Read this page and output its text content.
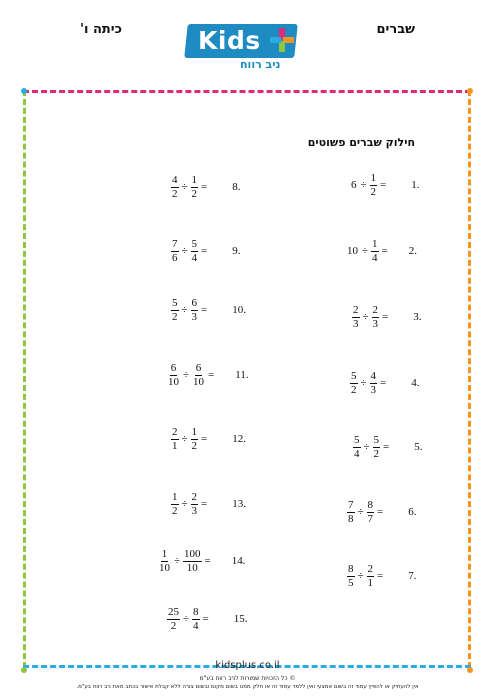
כיתה ו'	שברים
Kids
ניב רווח
חילוק שברים פשוטים
$6 \div \frac{1}{2} = 1$.
$10 \div \frac{1}{4} = 2$.
$\frac{2}{3} \div \frac{2}{3} = 3$.
$\frac{5}{2} \div \frac{4}{3} = 4$.
$\frac{5}{4} \div \frac{5}{2} = 5$.
$\frac{7}{8} \div \frac{8}{7} = 6$.
$\frac{8}{5} \div \frac{2}{1} = 7$.
$\frac{4}{2} \div \frac{1}{2} = 8$.
$\frac{7}{6} \div \frac{5}{4} = 9$.
$\frac{5}{2} \div \frac{6}{3} = 10$.
$\frac{6}{10} \div \frac{6}{10} = 11$.
$\frac{2}{1} \div \frac{1}{2} = 12$.
$\frac{1}{2} \div \frac{2}{3} = 13$.
$\frac{1}{10} \div \frac{100}{10} = 14$.
$\frac{25}{2} \div \frac{8}{4} = 15$.
kidsplus.co.il
© כל הזכויות שמורות לניב רווח בע"מ
אין להעתיק או להפיץ עמוד זה בשום אמצעי ואין ללמד עמוד זה או חלק ממנו בשום מקום ובשום צורה ללא קבלת אישור בכתב מאת ניב רווח בע"מ.
